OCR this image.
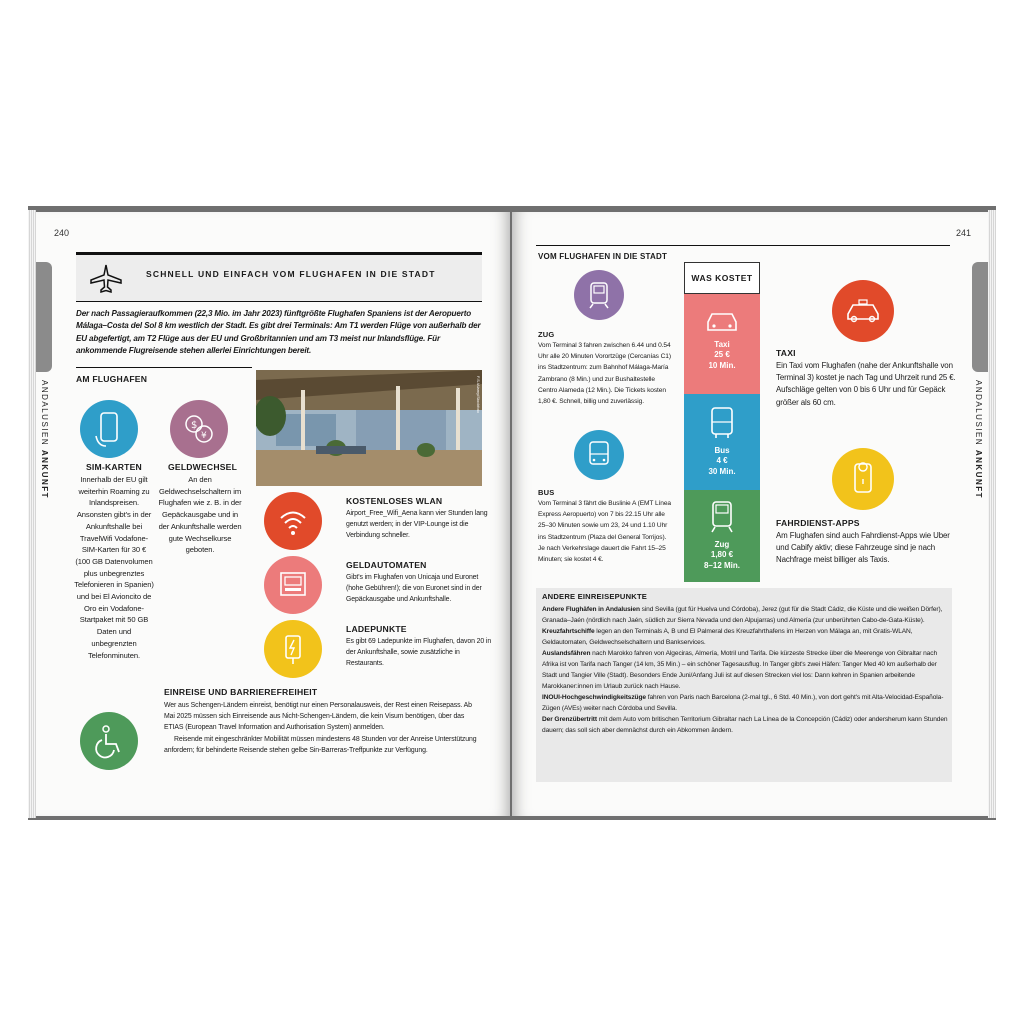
240
ANDALUSIEN ANKUNFT
SCHNELL UND EINFACH VOM FLUGHAFEN IN DIE STADT
Der nach Passagieraufkommen (22,3 Mio. im Jahr 2023) fünftgrößte Flughafen Spaniens ist der Aeropuerto Málaga–Costa del Sol 8 km westlich der Stadt. Es gibt drei Terminals: Am T1 werden Flüge von außerhalb der EU abgefertigt, am T2 Flüge aus der EU und Großbritannien und am T3 meist nur Inlandsflüge. Für ankommende Flugreisende stehen allerlei Einrichtungen bereit.
AM FLUGHAFEN	F.S./Alamy/Stockfoto
SIM-KARTEN
Innerhalb der EU gilt weiterhin Roaming zu Inlandspreisen. Ansonsten gibt's in der Ankunftshalle bei TravelWifi Vodafone-SIM-Karten für 30 € (100 GB Datenvolumen plus unbegrenztes Telefonieren in Spanien) und bei El Avioncito de Oro ein Vodafone-Startpaket mit 50 GB Daten und unbegrenzten Telefonminuten.
$
¥
GELDWECHSEL
An den Geldwechselschaltern im Flughafen wie z. B. in der Gepäckausgabe und in der Ankunftshalle werden gute Wechselkurse geboten.
KOSTENLOSES WLAN
Airport_Free_Wifi_Aena kann vier Stunden lang genutzt werden; in der VIP-Lounge ist die Verbindung schneller.
GELDAUTOMATEN
Gibt's im Flughafen von Unicaja und Euronet (hohe Gebühren!); die von Euronet sind in der Gepäckausgabe und Ankunftshalle.
LADEPUNKTE
Es gibt 69 Ladepunkte im Flughafen, davon 20 in der Ankunftshalle, sowie zusätzliche in Restaurants.
EINREISE UND BARRIEREFREIHEIT
Wer aus Schengen-Ländern einreist, benötigt nur einen Personalausweis, der Rest einen Reisepass. Ab Mai 2025 müssen sich Einreisende aus Nicht-Schengen-Ländern, die kein Visum benötigen, über das ETIAS (European Travel Information and Authorisation System) anmelden.
Reisende mit eingeschränkter Mobilität müssen mindestens 48 Stunden vor der Anreise Unterstützung anfordern; für behinderte Reisende stehen gelbe Sin-Barreras-Treffpunkte zur Verfügung.
241
ANDALUSIEN ANKUNFT
VOM FLUGHAFEN IN DIE STADT
ZUG
Vom Terminal 3 fahren zwischen 6.44 und 0.54 Uhr alle 20 Minuten Vorortzüge (Cercanías C1) ins Stadtzentrum: zum Bahnhof Málaga-María Zambrano (8 Min.) und zur Bushaltestelle Centro Alameda (12 Min.). Die Tickets kosten 1,80 €. Schnell, billig und zuverlässig.
BUS
Vom Terminal 3 fährt die Buslinie A (EMT Línea Express Aeropuerto) von 7 bis 22.15 Uhr alle 25–30 Minuten sowie um 23, 24 und 1.10 Uhr ins Stadtzentrum (Plaza del General Torrijos). Je nach Verkehrslage dauert die Fahrt 15–25 Minuten; sie kostet 4 €.
WAS KOSTET
Taxi
25 €
10 Min.
Bus
4 €
30 Min.
Zug
1,80 €
8–12 Min.
TAXI
Ein Taxi vom Flughafen (nahe der Ankunftshalle von Terminal 3) kostet je nach Tag und Uhrzeit rund 25 €. Aufschläge gelten von 0 bis 6 Uhr und für Gepäck größer als 60 cm.
FAHRDIENST-APPS
Am Flughafen sind auch Fahrdienst-Apps wie Uber und Cabify aktiv; diese Fahrzeuge sind je nach Nachfrage meist billiger als Taxis.
ANDERE EINREISEPUNKTE
Andere Flughäfen in Andalusien sind Sevilla (gut für Huelva und Córdoba), Jerez (gut für die Stadt Cádiz, die Küste und die weißen Dörfer), Granada–Jaén (nördlich nach Jaén, südlich zur Sierra Nevada und den Alpujarras) und Almería (zur unberührten Cabo-de-Gata-Küste).
Kreuzfahrtschiffe legen an den Terminals A, B und El Palmeral des Kreuzfahrthafens im Herzen von Málaga an, mit Gratis-WLAN, Geldautomaten, Geldwechselschaltern und Bankservices.
Auslandsfähren nach Marokko fahren von Algeciras, Almería, Motril und Tarifa. Die kürzeste Strecke über die Meerenge von Gibraltar nach Afrika ist von Tarifa nach Tanger (14 km, 35 Min.) – ein schöner Tagesausflug. In Tanger gibt's zwei Häfen: Tanger Med 40 km außerhalb der Stadt und Tangier Ville (Stadt). Besonders Ende Juni/Anfang Juli ist auf diesen Strecken viel los: Dann kehren in Spanien arbeitende Marokkaner:innen im Urlaub zurück nach Hause.
INOUI-Hochgeschwindigkeitszüge fahren von Paris nach Barcelona (2-mal tgl., 6 Std. 40 Min.), von dort geht's mit Alta-Velocidad-Española-Zügen (AVEs) weiter nach Córdoba und Sevilla.
Der Grenzübertritt mit dem Auto vom britischen Territorium Gibraltar nach La Línea de la Concepción (Cádiz) oder andersherum kann Stunden dauern; das soll sich aber demnächst durch ein Abkommen ändern.
